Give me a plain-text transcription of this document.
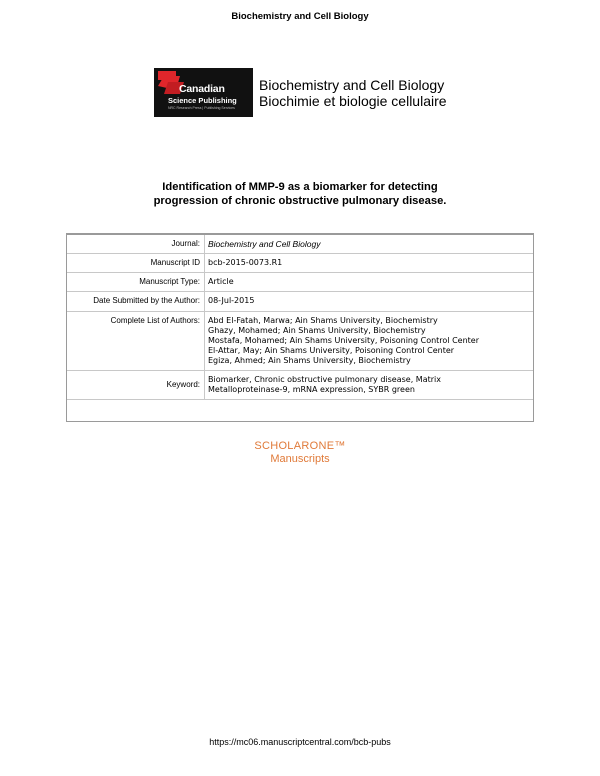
Biochemistry and Cell Biology
Canadian
Science Publishing
NRC Research Press | Publishing Services
Biochemistry and Cell Biology
Biochimie et biologie cellulaire
Identification of MMP-9 as a biomarker for detecting
progression of chronic obstructive pulmonary disease.
Journal: Biochemistry and Cell Biology
Manuscript ID	bcb-2015-0073.R1
Manuscript Type:	Article
Date Submitted by the Author:	08-Jul-2015
Complete List of Authors:	Abd El-Fatah, Marwa; Ain Shams University, Biochemistry
Ghazy, Mohamed; Ain Shams University, Biochemistry
Mostafa, Mohamed; Ain Shams University, Poisoning Control Center
El-Attar, May; Ain Shams University, Poisoning Control Center
Egiza, Ahmed; Ain Shams University, Biochemistry
Keyword:
Biomarker, Chronic obstructive pulmonary disease, Matrix
Metalloproteinase-9, mRNA expression, SYBR green
SCHOLARONE™
Manuscripts
https://mc06.manuscriptcentral.com/bcb-pubs
